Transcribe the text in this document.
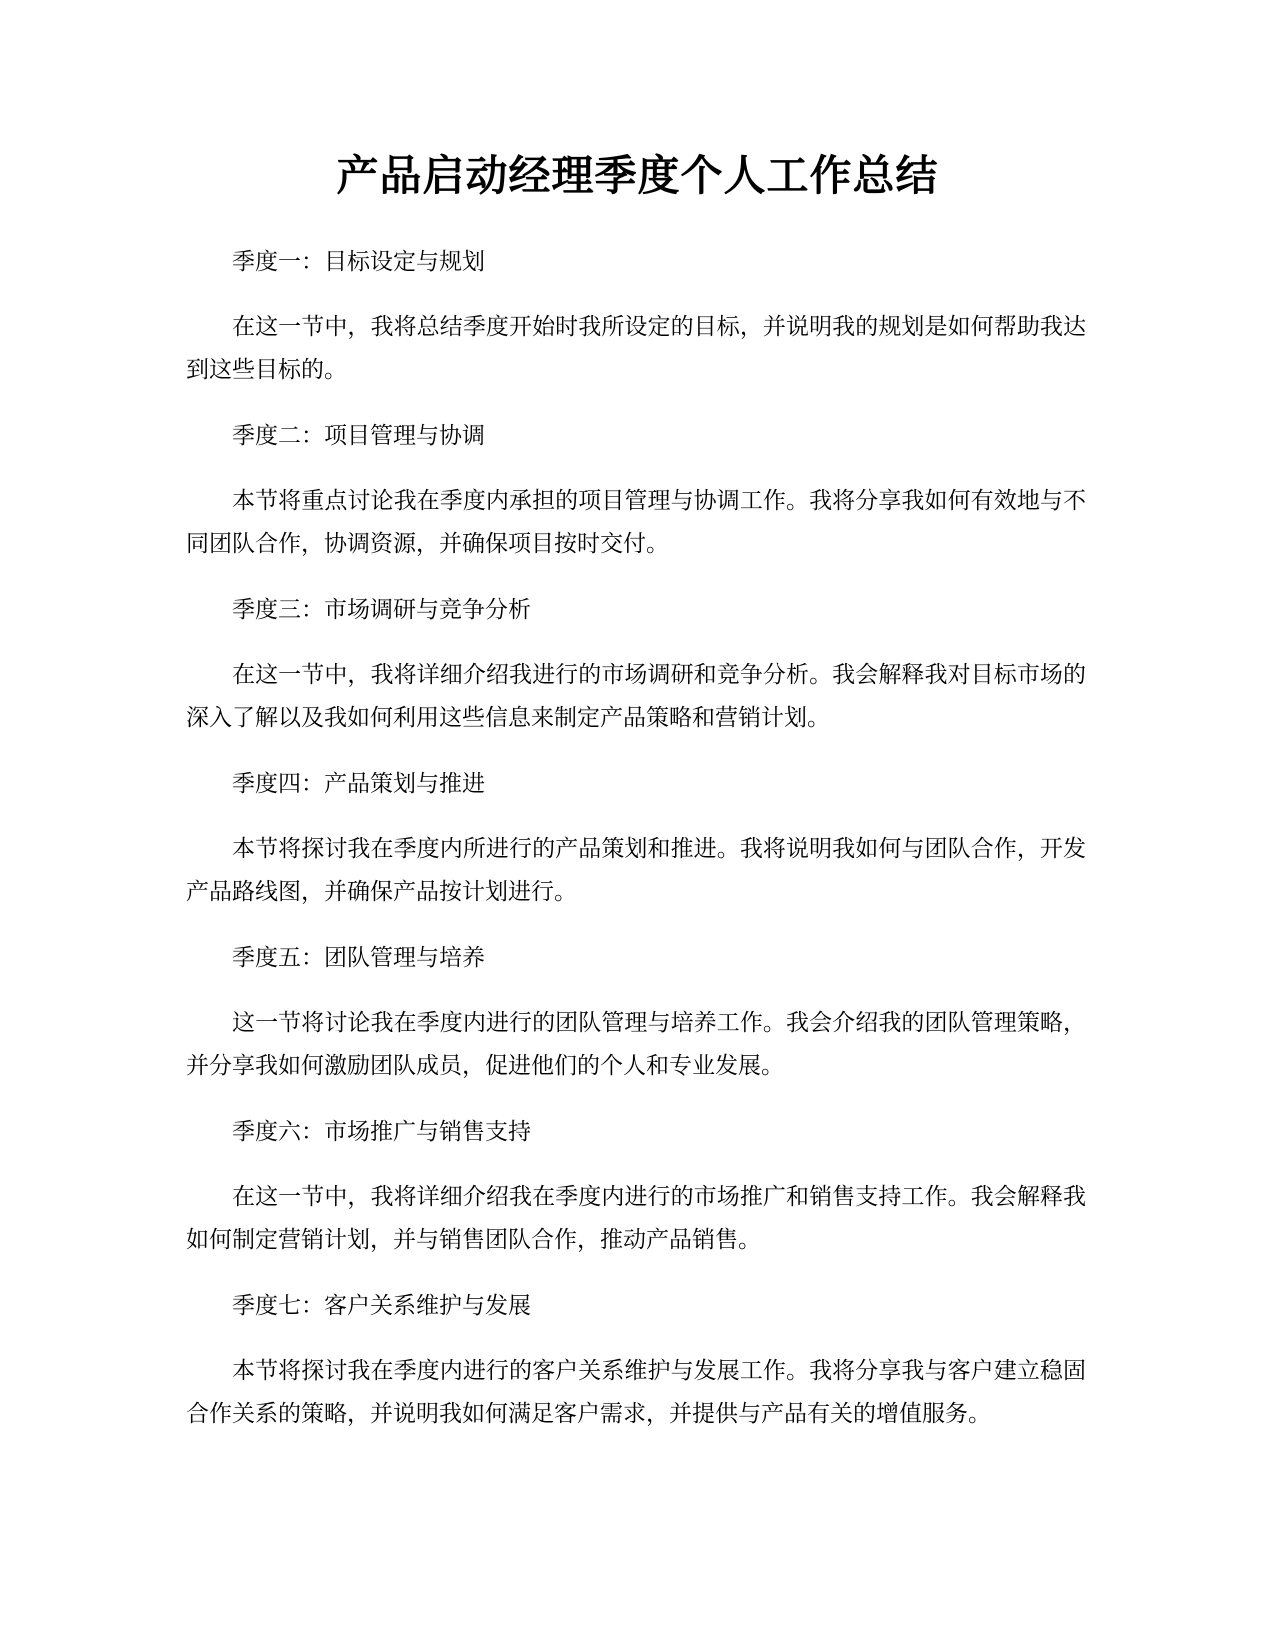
产品启动经理季度个人工作总结

季度一：目标设定与规划

在这一节中，我将总结季度开始时我所设定的目标，并说明我的规划是如何帮助我达到这些目标的。

季度二：项目管理与协调

本节将重点讨论我在季度内承担的项目管理与协调工作。我将分享我如何有效地与不同团队合作，协调资源，并确保项目按时交付。

季度三：市场调研与竞争分析

在这一节中，我将详细介绍我进行的市场调研和竞争分析。我会解释我对目标市场的深入了解以及我如何利用这些信息来制定产品策略和营销计划。

季度四：产品策划与推进

本节将探讨我在季度内所进行的产品策划和推进。我将说明我如何与团队合作，开发产品路线图，并确保产品按计划进行。

季度五：团队管理与培养

这一节将讨论我在季度内进行的团队管理与培养工作。我会介绍我的团队管理策略，并分享我如何激励团队成员，促进他们的个人和专业发展。

季度六：市场推广与销售支持

在这一节中，我将详细介绍我在季度内进行的市场推广和销售支持工作。我会解释我如何制定营销计划，并与销售团队合作，推动产品销售。

季度七：客户关系维护与发展

本节将探讨我在季度内进行的客户关系维护与发展工作。我将分享我与客户建立稳固合作关系的策略，并说明我如何满足客户需求，并提供与产品有关的增值服务。
